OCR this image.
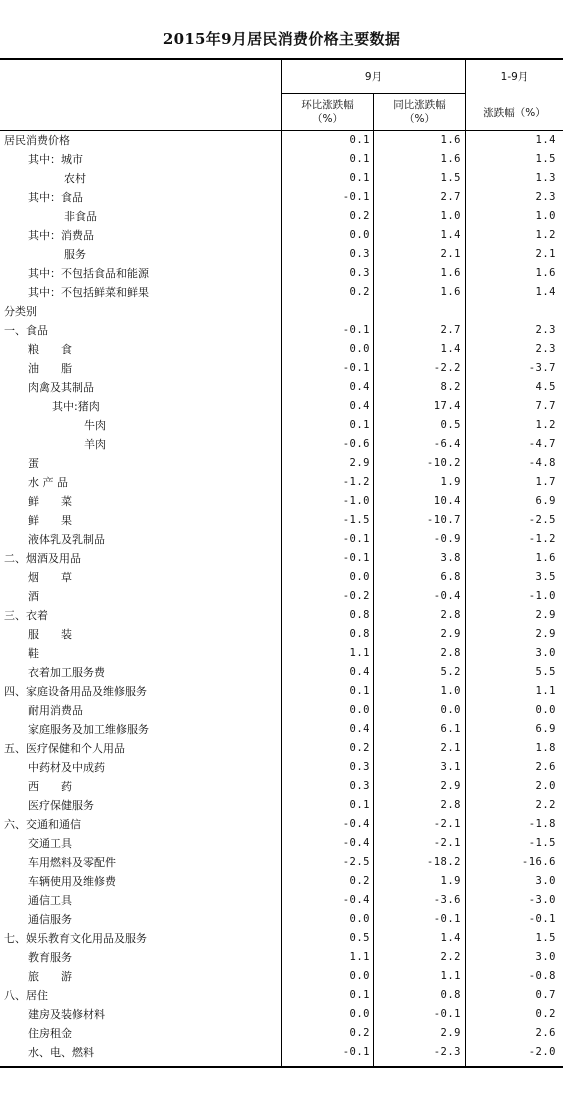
2015年9月居民消费价格主要数据
9月	1-9月
环比涨跌幅
（%）
同比涨跌幅
（%）	涨跌幅（%）
居民消费价格	0.1	1.6	1.4
其中：城市	0.1	1.6	1.5
农村	0.1	1.5	1.3
其中：食品	-0.1	2.7	2.3
非食品	0.2	1.0	1.0
其中：消费品	0.0	1.4	1.2
服务	0.3	2.1	2.1
其中：不包括食品和能源	0.3	1.6	1.6
其中：不包括鲜菜和鲜果	0.2	1.6	1.4
分类别
一、食品	-0.1	2.7	2.3
粮　　食	0.0	1.4	2.3
油　　脂	-0.1	-2.2	-3.7
肉禽及其制品	0.4	8.2	4.5
其中:猪肉	0.4	17.4	7.7
牛肉	0.1	0.5	1.2
羊肉	-0.6	-6.4	-4.7
蛋	2.9	-10.2	-4.8
水 产 品	-1.2	1.9	1.7
鲜　　菜	-1.0	10.4	6.9
鲜　　果	-1.5	-10.7	-2.5
液体乳及乳制品	-0.1	-0.9	-1.2
二、烟酒及用品	-0.1	3.8	1.6
烟　　草	0.0	6.8	3.5
酒	-0.2	-0.4	-1.0
三、衣着	0.8	2.8	2.9
服　　装	0.8	2.9	2.9
鞋	1.1	2.8	3.0
衣着加工服务费	0.4	5.2	5.5
四、家庭设备用品及维修服务	0.1	1.0	1.1
耐用消费品	0.0	0.0	0.0
家庭服务及加工维修服务	0.4	6.1	6.9
五、医疗保健和个人用品	0.2	2.1	1.8
中药材及中成药	0.3	3.1	2.6
西　　药	0.3	2.9	2.0
医疗保健服务	0.1	2.8	2.2
六、交通和通信	-0.4	-2.1	-1.8
交通工具	-0.4	-2.1	-1.5
车用燃料及零配件	-2.5	-18.2	-16.6
车辆使用及维修费	0.2	1.9	3.0
通信工具	-0.4	-3.6	-3.0
通信服务	0.0	-0.1	-0.1
七、娱乐教育文化用品及服务	0.5	1.4	1.5
教育服务	1.1	2.2	3.0
旅　　游	0.0	1.1	-0.8
八、居住	0.1	0.8	0.7
建房及装修材料	0.0	-0.1	0.2
住房租金	0.2	2.9	2.6
水、电、燃料	-0.1	-2.3	-2.0
